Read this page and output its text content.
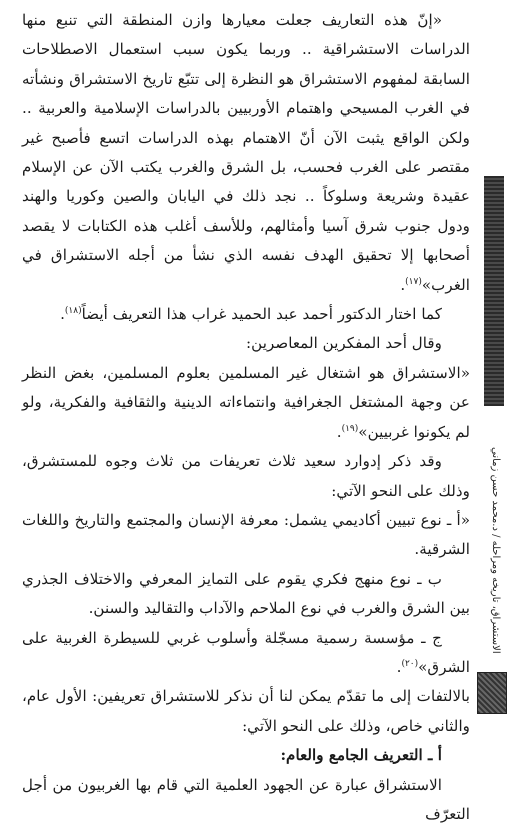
«إنّ هذه التعاريف جعلت معيارها وازن المنطقة التي تنبع منها الدراسات الاستشراقية .. وربما يكون سبب استعمال الاصطلاحات السابقة لمفهوم الاستشراق هو النظرة إلى تتبّع تاريخ الاستشراق ونشأته في الغرب المسيحي واهتمام الأوربيين بالدراسات الإسلامية والعربية .. ولكن الواقع يثبت الآن أنّ الاهتمام بهذه الدراسات اتسع فأصبح غير مقتصر على الغرب فحسب، بل الشرق والغرب يكتب الآن عن الإسلام عقيدة وشريعة وسلوكاً .. نجد ذلك في اليابان والصين وكوريا والهند ودول جنوب شرق آسيا وأمثالهم، وللأسف أغلب هذه الكتابات لا يقصد أصحابها إلا تحقيق الهدف نفسه الذي نشأ من أجله الاستشراق في الغرب»$^{(١٧)}$.

كما اختار الدكتور أحمد عبد الحميد غراب هذا التعريف أيضاً$^{(١٨)}$.

وقال أحد المفكرين المعاصرين:

«الاستشراق هو اشتغال غير المسلمين بعلوم المسلمين، بغض النظر عن وجهة المشتغل الجغرافية وانتماءاته الدينية والثقافية والفكرية، ولو لم يكونوا غربيين»$^{(١٩)}$.

وقد ذكر إدوارد سعيد ثلاث تعريفات من ثلاث وجوه للمستشرق، وذلك على النحو الآتي:

«أ ـ نوع تبيين أكاديمي يشمل: معرفة الإنسان والمجتمع والتاريخ واللغات الشرقية.

ب ـ نوع منهج فكري يقوم على التمايز المعرفي والاختلاف الجذري بين الشرق والغرب في نوع الملاحم والآداب والتقاليد والسنن.

ج ـ مؤسسة رسمية مسجّلة وأسلوب غربي للسيطرة الغربية على الشرق»$^{(٢٠)}$.

بالالتفات إلى ما تقدّم يمكن لنا أن نذكر للاستشراق تعريفين: الأول عام، والثاني خاص، وذلك على النحو الآتي:

أ ـ التعريف الجامع والعام:

الاستشراق عبارة عن الجهود العلمية التي قام بها الغربيون من أجل التعرّف

الاستشراق، تاريخه ومراحله / د.محمد حسن زماني
